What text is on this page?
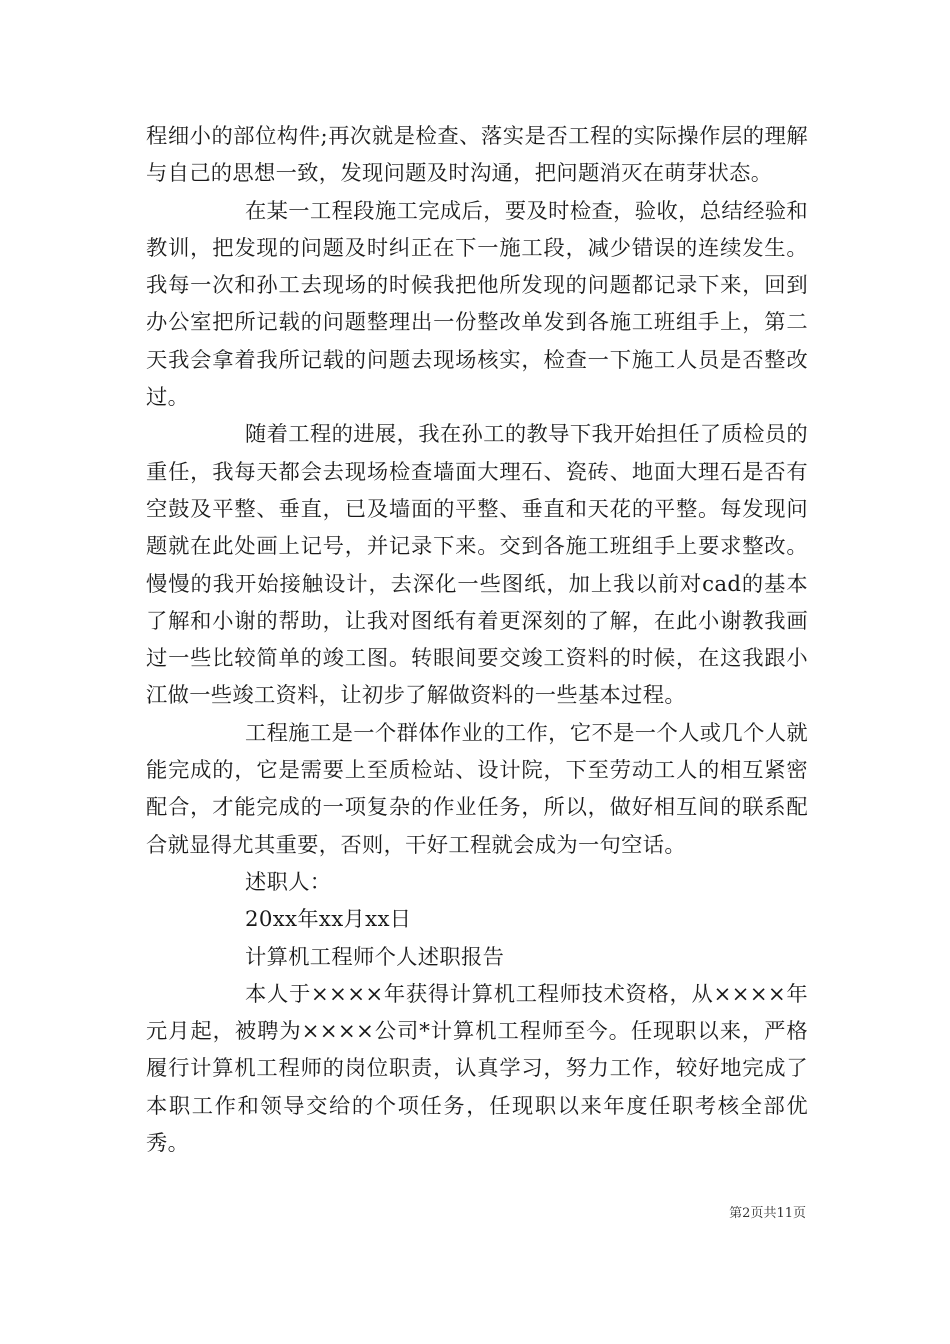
程细小的部位构件;再次就是检查、落实是否工程的实际操作层的理解与自己的思想一致，发现问题及时沟通，把问题消灭在萌芽状态。

在某一工程段施工完成后，要及时检查，验收，总结经验和教训，把发现的问题及时纠正在下一施工段，减少错误的连续发生。我每一次和孙工去现场的时候我把他所发现的问题都记录下来，回到办公室把所记载的问题整理出一份整改单发到各施工班组手上，第二天我会拿着我所记载的问题去现场核实，检查一下施工人员是否整改过。

随着工程的进展，我在孙工的教导下我开始担任了质检员的重任，我每天都会去现场检查墙面大理石、瓷砖、地面大理石是否有空鼓及平整、垂直，已及墙面的平整、垂直和天花的平整。每发现问题就在此处画上记号，并记录下来。交到各施工班组手上要求整改。慢慢的我开始接触设计，去深化一些图纸，加上我以前对cad的基本了解和小谢的帮助，让我对图纸有着更深刻的了解，在此小谢教我画过一些比较简单的竣工图。转眼间要交竣工资料的时候，在这我跟小江做一些竣工资料，让初步了解做资料的一些基本过程。

工程施工是一个群体作业的工作，它不是一个人或几个人就能完成的，它是需要上至质检站、设计院，下至劳动工人的相互紧密配合，才能完成的一项复杂的作业任务，所以，做好相互间的联系配合就显得尤其重要，否则，干好工程就会成为一句空话。

述职人：

20xx年xx月xx日

计算机工程师个人述职报告

本人于××××年获得计算机工程师技术资格，从××××年元月起，被聘为××××公司*计算机工程师至今。任现职以来，严格履行计算机工程师的岗位职责，认真学习，努力工作，较好地完成了本职工作和领导交给的个项任务，任现职以来年度任职考核全部优秀。

第2页共11页
